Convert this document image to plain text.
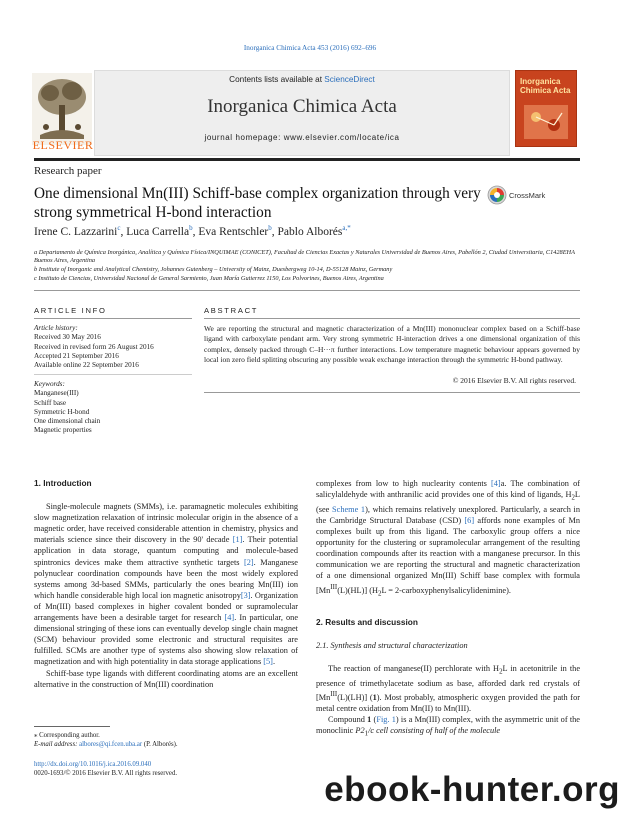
Inorganica Chimica Acta 453 (2016) 692–696
ELSEVIER
Contents lists available at ScienceDirect
Inorganica Chimica Acta
journal homepage: www.elsevier.com/locate/ica
Inorganica Chimica Acta
Research paper
One dimensional Mn(III) Schiff-base complex organization through very strong symmetrical H-bond interaction
CrossMark
Irene C. Lazzarini$^c$, Luca Carrella$^b$, Eva Rentschler$^b$, Pablo Alborés$^{a,*}$
a Departamento de Química Inorgánica, Analítica y Química Física/INQUIMAE (CONICET), Facultad de Ciencias Exactas y Naturales Universidad de Buenos Aires, Pabellón 2, Ciudad Universitaria, C1428EHA Buenos Aires, Argentina
b Institute of Inorganic and Analytical Chemistry, Johannes Gutenberg – University of Mainz, Duesbergweg 10-14, D-55128 Mainz, Germany
c Instituto de Ciencias, Universidad Nacional de General Sarmiento, Juan María Gutierrez 1150, Los Polvorines, Buenos Aires, Argentina
ARTICLE INFO	ABSTRACT
Article history:
Received 30 May 2016
Received in revised form 26 August 2016
Accepted 21 September 2016
Available online 22 September 2016
Keywords:
Manganese(III)
Schiff base
Symmetric H-bond
One dimensional chain
Magnetic properties
We are reporting the structural and magnetic characterization of a Mn(III) mononuclear complex based on a Schiff-base ligand with carboxylate pendant arm. Very strong symmetric H-interaction drives a one dimensional organization of this complex, densely packed through C–H···π further interactions. Low temperature magnetic behaviour appears governed by local ion zero field splitting obscuring any possible weak exchange interaction through the symmetric H-bond pathway.
© 2016 Elsevier B.V. All rights reserved.
1. Introduction

Single-molecule magnets (SMMs), i.e. paramagnetic molecules exhibiting slow magnetization relaxation of intrinsic molecular origin in the absence of a magnetic order, have received considerable attention in chemistry, physics and materials science since their discovery in the 90' decade [1]. Their potential application in data storage, quantum computing and molecule-based spintronics devices make them attractive synthetic targets [2]. Manganese polynuclear coordination compounds have been the most widely explored systems among 3d-based SMMs, particularly the ones bearing Mn(III) ion which handle considerable high local ion magnetic anisotropy[3]. Organization of Mn(III) based complexes in higher covalent bonded or supramolecular arrangements have been a desirable target for research [4]. In particular, one dimensional stringing of these ions can eventually develop single chain magnet (SCM) behaviour provided some electronic and structural requisites are fulfilled. SCMs are another type of systems also showing slow relaxation of magnetization and with high potentiality in data storage applications [5].

Schiff-base type ligands with different coordinating atoms are an excellent alternative in the construction of Mn(III) coordination

complexes from low to high nuclearity contents [4]a. The combination of salicylaldehyde with anthranilic acid provides one of this kind of ligands, $H_2L$ (see Scheme 1), which remains relatively unexplored. Particularly, a search in the Cambridge Structural Database (CSD) [6] affords none examples of Mn complexes built up from this ligand. The carboxylic group offers a nice opportunity for the clustering or supramolecular arrangement of the resulting coordination compounds after its reaction with a manganese precursor. In this communication we are reporting the structural and magnetic characterization of a one dimensional organized Mn(III) Schiff base complex with formula $[Mn^{III}(L)(HL)] (H_2L$ = 2-carboxyphenylsalicylidenimine).

2. Results and discussion
2.1. Synthesis and structural characterization

The reaction of manganese(II) perchlorate with $H_2L$ in acetonitrile in the presence of trimethylacetate sodium as base, afforded dark red crystals of $[Mn^{III}(L)(LH)]$ (1). Most probably, atmospheric oxygen provided the path for metal centre oxidation from Mn(II) to Mn(III).

Compound 1 (Fig. 1) is a Mn(III) complex, with the asymmetric unit of the monoclinic $P2_1/c$ cell consisting of half of the molecule

⁎ Corresponding author.
E-mail address: albores@qi.fcen.uba.ar (P. Alborés).
http://dx.doi.org/10.1016/j.ica.2016.09.040
0020-1693/© 2016 Elsevier B.V. All rights reserved.	ebook-hunter.org
